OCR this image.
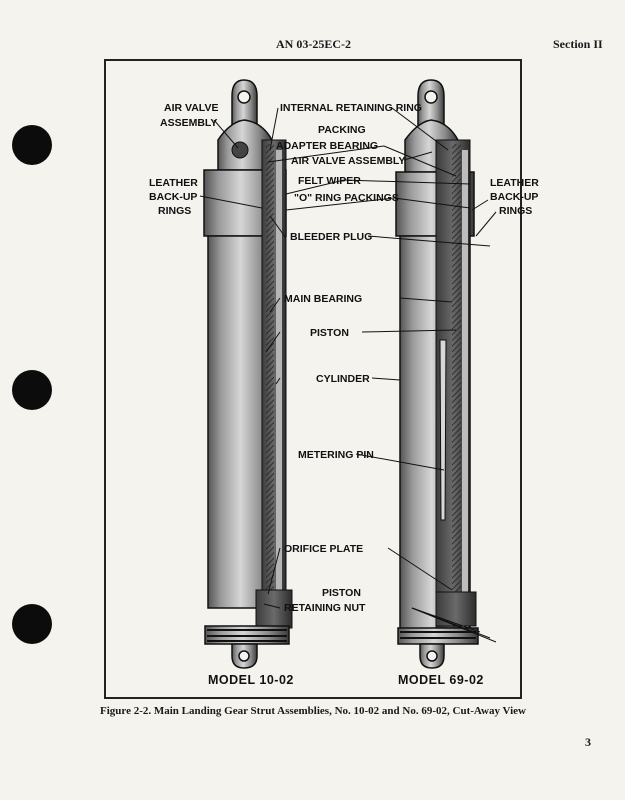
AN 03-25EC-2	Section II
AIR VALVE
ASSEMBLY
INTERNAL RETAINING RING
PACKING
ADAPTER BEARING
AIR VALVE ASSEMBLY
FELT WIPER
LEATHER
BACK-UP
RINGS
"O" RING PACKINGS
LEATHER
BACK-UP
RINGS
BLEEDER PLUG
MAIN BEARING
PISTON
CYLINDER
METERING PIN
ORIFICE PLATE
PISTON
RETAINING NUT
MODEL 10-02	MODEL 69-02
Figure 2-2. Main Landing Gear Strut Assemblies, No. 10-02 and No. 69-02, Cut-Away View
3
